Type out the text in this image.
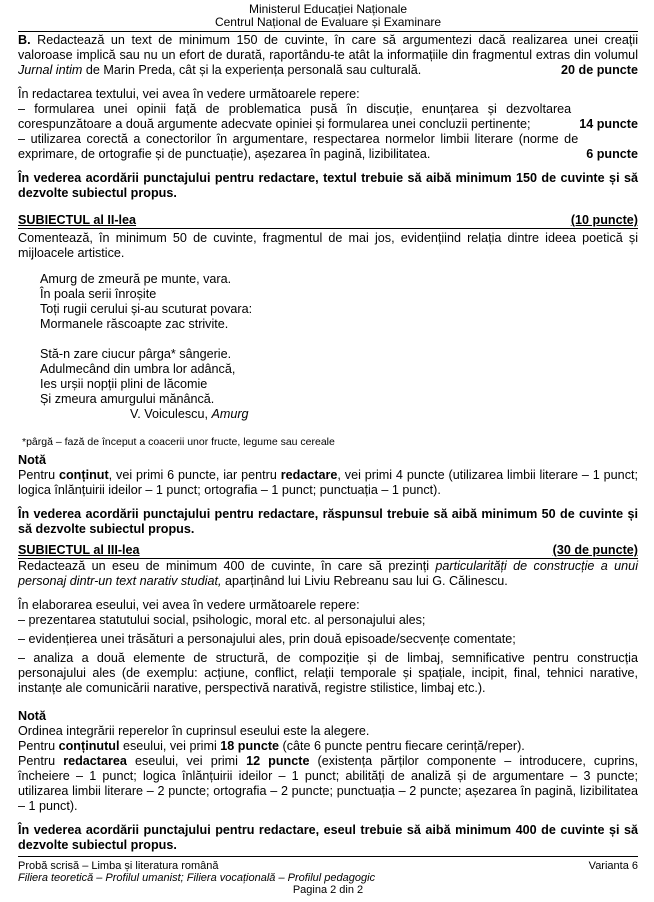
Ministerul Educației Naționale
Centrul Național de Evaluare și Examinare

B. Redactează un text de minimum 150 de cuvinte, în care să argumentezi dacă realizarea unei creații valoroase implică sau nu un efort de durată, raportându-te atât la informațiile din fragmentul extras din volumul Jurnal intim de Marin Preda, cât și la experiența personală sau culturală.	20 de puncte

În redactarea textului, vei avea în vedere următoarele repere:

– formularea unei opinii față de problematica pusă în discuție, enunțarea și dezvoltarea corespunzătoare a două argumente adecvate opiniei și formularea unei concluzii pertinente;	14 puncte

– utilizarea corectă a conectorilor în argumentare, respectarea normelor limbii literare (norme de exprimare, de ortografie și de punctuație), așezarea în pagină, lizibilitatea.	6 puncte

În vederea acordării punctajului pentru redactare, textul trebuie să aibă minimum 150 de cuvinte și să dezvolte subiectul propus.

SUBIECTUL al II-lea	(10 puncte)

Comentează, în minimum 50 de cuvinte, fragmentul de mai jos, evidențiind relația dintre ideea poetică și mijloacele artistice.

Amurg de zmeură pe munte, vara.
În poala serii înroșite
Toți rugii cerului și-au scuturat povara:
Mormanele răscoapte zac strivite.
Stă-n zare ciucur pârga* sângerie.
Adulmecând din umbra lor adâncă,
Ies urșii nopții plini de lăcomie
Și zmeura amurgului mănâncă.
V. Voiculescu, Amurg

*pârgă – fază de început a coacerii unor fructe, legume sau cereale

Notă

Pentru conținut, vei primi 6 puncte, iar pentru redactare, vei primi 4 puncte (utilizarea limbii literare – 1 punct; logica înlănțuirii ideilor – 1 punct; ortografia – 1 punct; punctuația – 1 punct).

În vederea acordării punctajului pentru redactare, răspunsul trebuie să aibă minimum 50 de cuvinte și să dezvolte subiectul propus.

SUBIECTUL al III-lea	(30 de puncte)

Redactează un eseu de minimum 400 de cuvinte, în care să prezinți particularități de construcție a unui personaj dintr-un text narativ studiat, aparținând lui Liviu Rebreanu sau lui G. Călinescu.

În elaborarea eseului, vei avea în vedere următoarele repere:

– prezentarea statutului social, psihologic, moral etc. al personajului ales;

– evidențierea unei trăsături a personajului ales, prin două episoade/secvențe comentate;

– analiza a două elemente de structură, de compoziție și de limbaj, semnificative pentru construcția personajului ales (de exemplu: acțiune, conflict, relații temporale și spațiale, incipit, final, tehnici narative, instanțe ale comunicării narative, perspectivă narativă, registre stilistice, limbaj etc.).

Notă

Ordinea integrării reperelor în cuprinsul eseului este la alegere.

Pentru conținutul eseului, vei primi 18 puncte (câte 6 puncte pentru fiecare cerință/reper).

Pentru redactarea eseului, vei primi 12 puncte (existența părților componente – introducere, cuprins, încheiere – 1 punct; logica înlănțuirii ideilor – 1 punct; abilități de analiză și de argumentare – 3 puncte; utilizarea limbii literare – 2 puncte; ortografia – 2 puncte; punctuația – 2 puncte; așezarea în pagină, lizibilitatea – 1 punct).

În vederea acordării punctajului pentru redactare, eseul trebuie să aibă minimum 400 de cuvinte și să dezvolte subiectul propus.

Probă scrisă – Limba și literatura română	Varianta 6
Filiera teoretică – Profilul umanist; Filiera vocațională – Profilul pedagogic
Pagina 2 din 2
